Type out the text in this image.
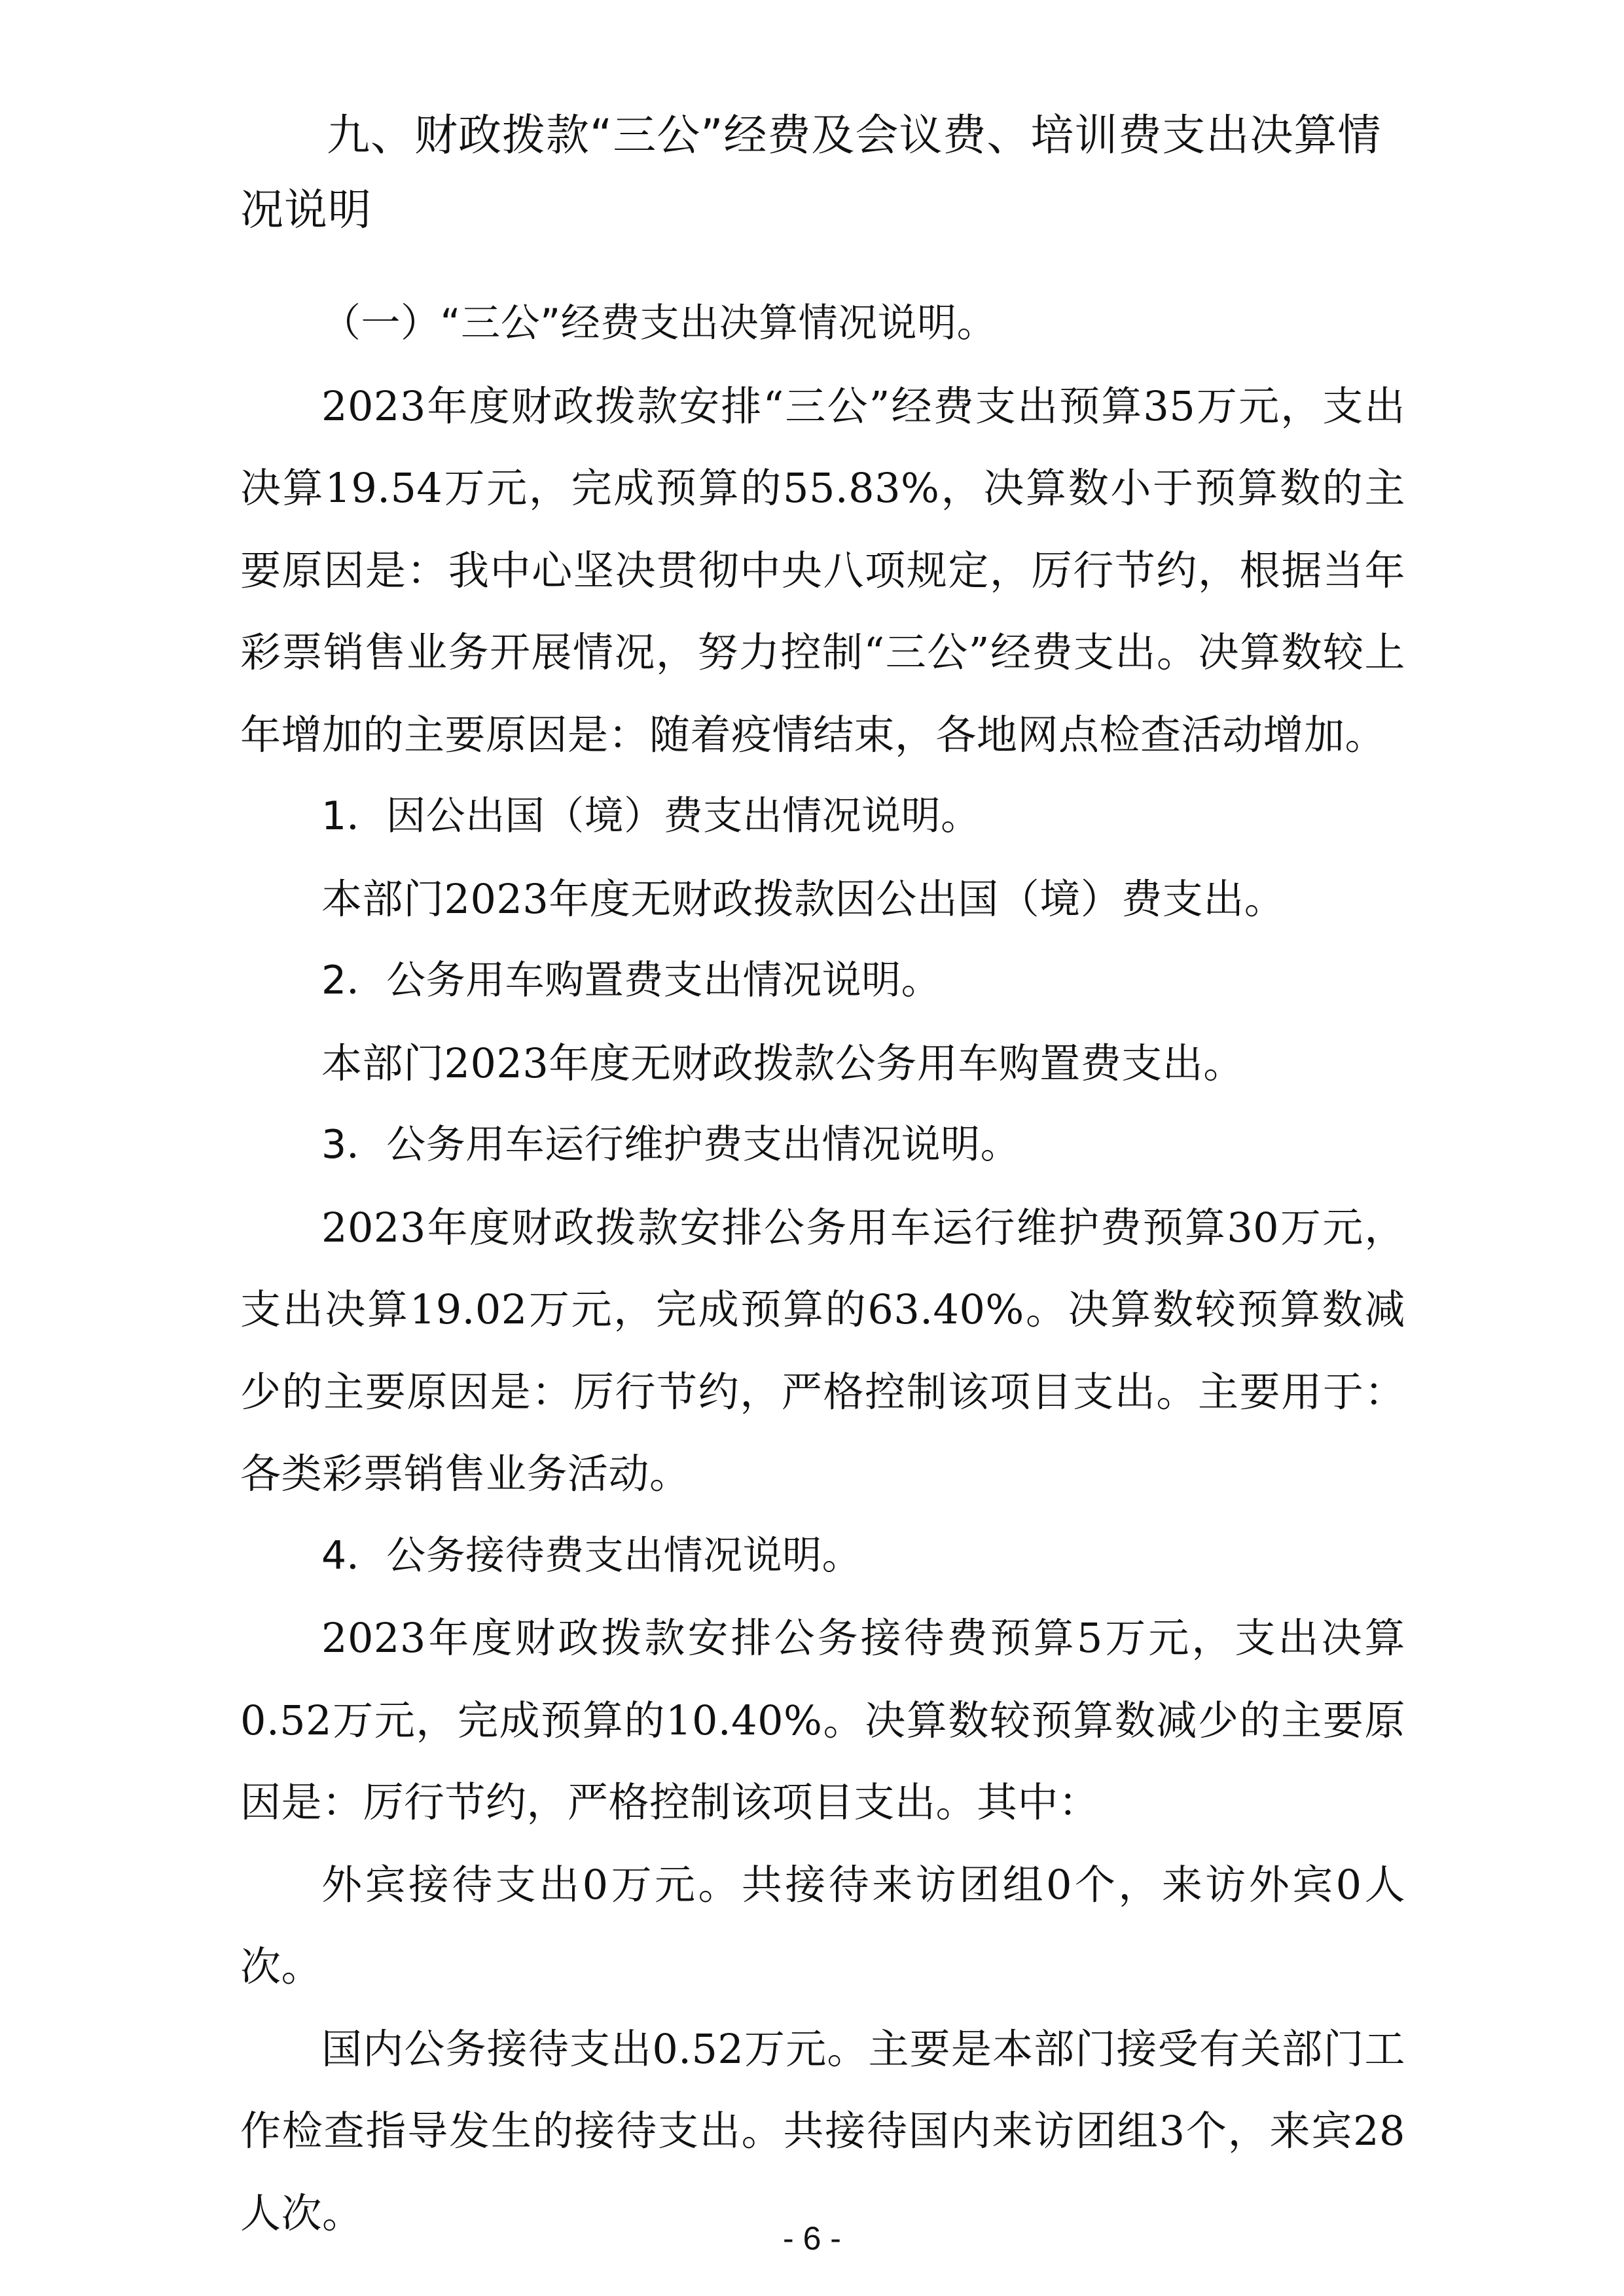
九、财政拨款“三公”经费及会议费、培训费支出决算情况说明

（一）“三公”经费支出决算情况说明。

2023年度财政拨款安排“三公”经费支出预算35万元，支出决算19.54万元，完成预算的55.83%，决算数小于预算数的主要原因是：我中心坚决贯彻中央八项规定，厉行节约，根据当年彩票销售业务开展情况，努力控制“三公”经费支出。决算数较上年增加的主要原因是：随着疫情结束，各地网点检查活动增加。

1．因公出国（境）费支出情况说明。

本部门2023年度无财政拨款因公出国（境）费支出。

2．公务用车购置费支出情况说明。

本部门2023年度无财政拨款公务用车购置费支出。

3．公务用车运行维护费支出情况说明。

2023年度财政拨款安排公务用车运行维护费预算30万元，支出决算19.02万元，完成预算的63.40%。决算数较预算数减少的主要原因是：厉行节约，严格控制该项目支出。主要用于：各类彩票销售业务活动。

4．公务接待费支出情况说明。

2023年度财政拨款安排公务接待费预算5万元，支出决算0.52万元，完成预算的10.40%。决算数较预算数减少的主要原因是：厉行节约，严格控制该项目支出。其中：

外宾接待支出0万元。共接待来访团组0个，来访外宾0人次。

国内公务接待支出0.52万元。主要是本部门接受有关部门工作检查指导发生的接待支出。共接待国内来访团组3个，来宾28人次。

- 6 -
